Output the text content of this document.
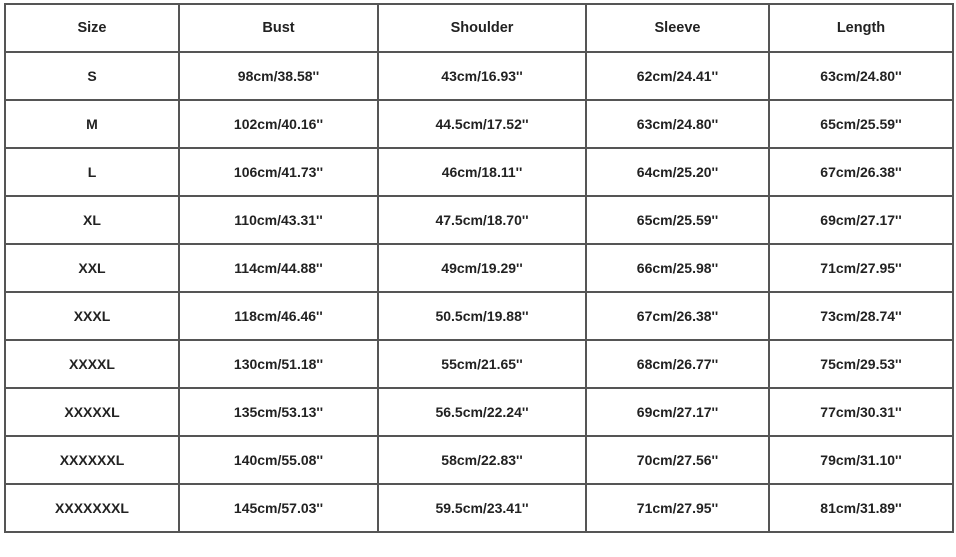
Size	Bust	Shoulder	Sleeve	Length
S	98cm/38.58''	43cm/16.93''	62cm/24.41''	63cm/24.80''
M	102cm/40.16''	44.5cm/17.52''	63cm/24.80''	65cm/25.59''
L	106cm/41.73''	46cm/18.11''	64cm/25.20''	67cm/26.38''
XL	110cm/43.31''	47.5cm/18.70''	65cm/25.59''	69cm/27.17''
XXL	114cm/44.88''	49cm/19.29''	66cm/25.98''	71cm/27.95''
XXXL	118cm/46.46''	50.5cm/19.88''	67cm/26.38''	73cm/28.74''
XXXXL	130cm/51.18''	55cm/21.65''	68cm/26.77''	75cm/29.53''
XXXXXL	135cm/53.13''	56.5cm/22.24''	69cm/27.17''	77cm/30.31''
XXXXXXL	140cm/55.08''	58cm/22.83''	70cm/27.56''	79cm/31.10''
XXXXXXXL	145cm/57.03''	59.5cm/23.41''	71cm/27.95''	81cm/31.89''
